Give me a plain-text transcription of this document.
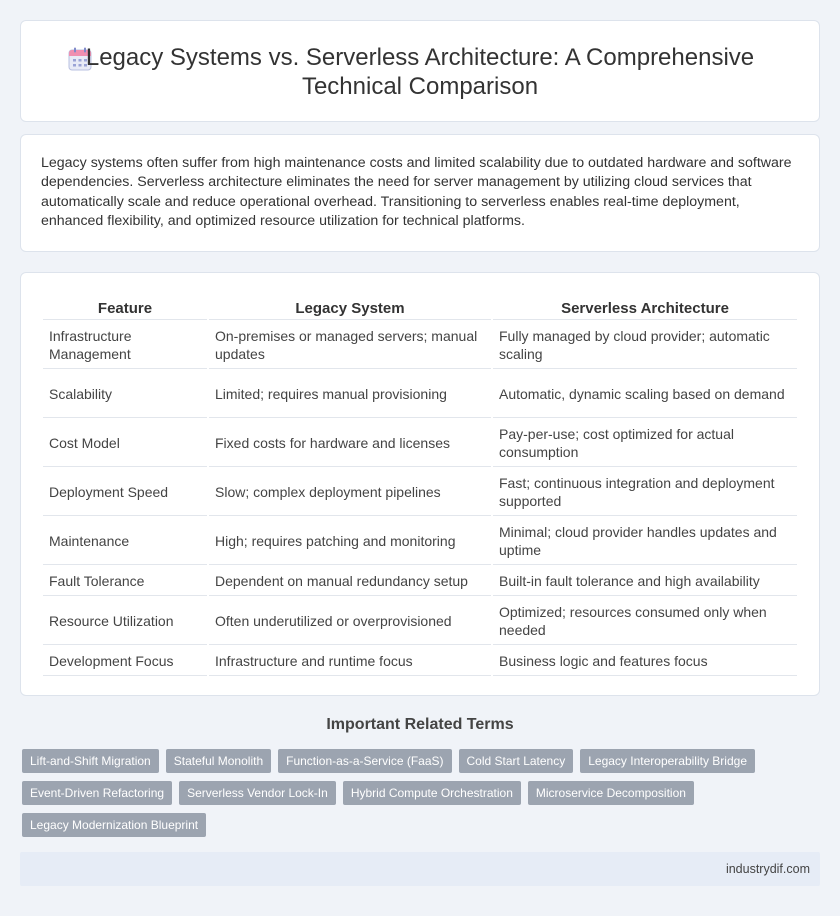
Legacy Systems vs. Serverless Architecture: A Comprehensive
Technical Comparison

Legacy systems often suffer from high maintenance costs and limited scalability due to outdated hardware and software dependencies. Serverless architecture eliminates the need for server management by utilizing cloud services that automatically scale and reduce operational overhead. Transitioning to serverless enables real-time deployment, enhanced flexibility, and optimized resource utilization for technical platforms.

Feature	Legacy System	Serverless Architecture
Infrastructure Management	On-premises or managed servers; manual updates	Fully managed by cloud provider; automatic scaling
Scalability	Limited; requires manual provisioning	Automatic, dynamic scaling based on demand
Cost Model	Fixed costs for hardware and licenses	Pay-per-use; cost optimized for actual consumption
Deployment Speed	Slow; complex deployment pipelines	Fast; continuous integration and deployment supported
Maintenance	High; requires patching and monitoring	Minimal; cloud provider handles updates and uptime
Fault Tolerance	Dependent on manual redundancy setup	Built-in fault tolerance and high availability
Resource Utilization	Often underutilized or overprovisioned	Optimized; resources consumed only when needed
Development Focus	Infrastructure and runtime focus	Business logic and features focus
Important Related Terms
Lift-and-Shift Migration	Stateful Monolith	Function-as-a-Service (FaaS)	Cold Start Latency	Legacy Interoperability Bridge
Event-Driven Refactoring	Serverless Vendor Lock-In	Hybrid Compute Orchestration	Microservice Decomposition
Legacy Modernization Blueprint
industrydif.com
